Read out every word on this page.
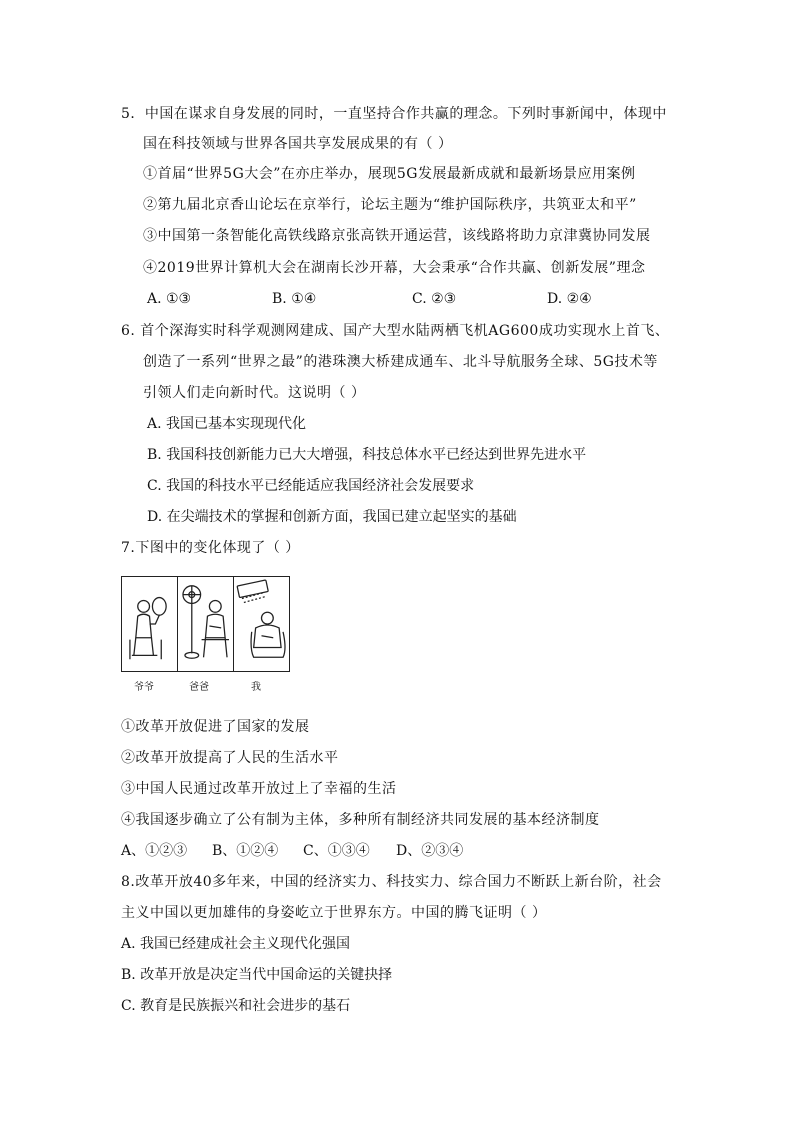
5．中国在谋求自身发展的同时，一直坚持合作共赢的理念。下列时事新闻中，体现中
国在科技领域与世界各国共享发展成果的有（ ）
①首届“世界5G大会”在亦庄举办，展现5G发展最新成就和最新场景应用案例
②第九届北京香山论坛在京举行，论坛主题为“维护国际秩序，共筑亚太和平”
③中国第一条智能化高铁线路京张高铁开通运营，该线路将助力京津冀协同发展
④2019世界计算机大会在湖南长沙开幕，大会秉承“合作共赢、创新发展”理念
A. ①③	B. ①④	C. ②③	D. ②④
6. 首个深海实时科学观测网建成、国产大型水陆两栖飞机AG600成功实现水上首飞、
创造了一系列“世界之最”的港珠澳大桥建成通车、北斗导航服务全球、5G技术等
引领人们走向新时代。这说明（ ）
A. 我国已基本实现现代化
B. 我国科技创新能力已大大增强，科技总体水平已经达到世界先进水平
C. 我国的科技水平已经能适应我国经济社会发展要求
D. 在尖端技术的掌握和创新方面，我国已建立起坚实的基础
7.下图中的变化体现了（ ）
爷爷	爸爸	我
①改革开放促进了国家的发展
②改革开放提高了人民的生活水平
③中国人民通过改革开放过上了幸福的生活
④我国逐步确立了公有制为主体，多种所有制经济共同发展的基本经济制度
A、①②③ B、①②④ C、①③④ D、②③④
8.改革开放40多年来，中国的经济实力、科技实力、综合国力不断跃上新台阶，社会
主义中国以更加雄伟的身姿屹立于世界东方。中国的腾飞证明（ ）
A. 我国已经建成社会主义现代化强国
B. 改革开放是决定当代中国命运的关键抉择
C. 教育是民族振兴和社会进步的基石
